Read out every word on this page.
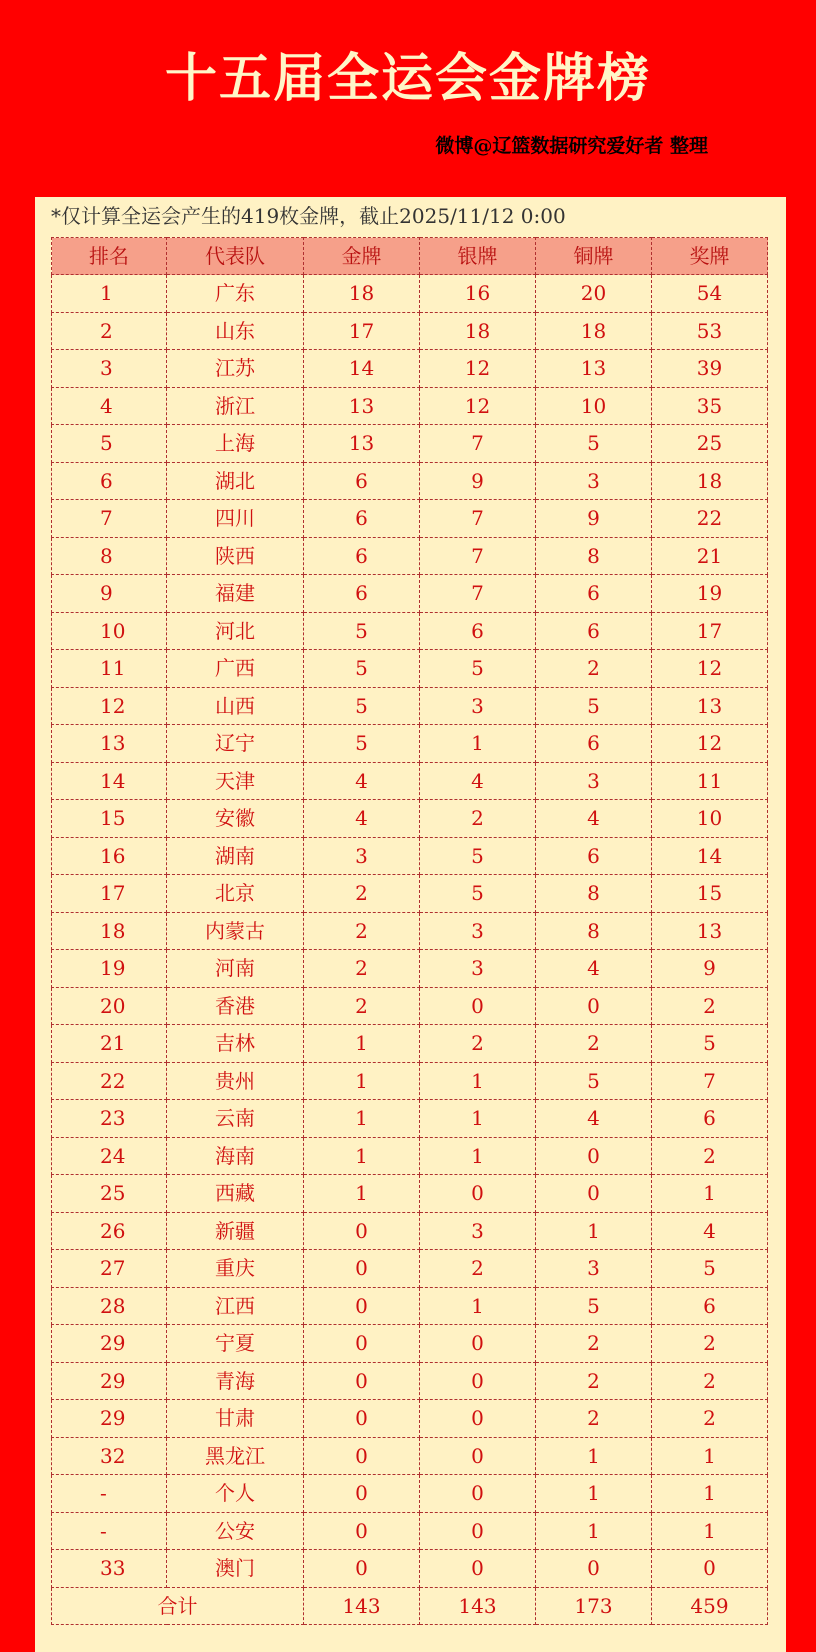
十五届全运会金牌榜
微博@辽篮数据研究爱好者 整理
*仅计算全运会产生的419枚金牌，截止2025/11/12 0:00
排名	代表队	金牌	银牌	铜牌	奖牌
1	广东	18	16	20	54
2	山东	17	18	18	53
3	江苏	14	12	13	39
4	浙江	13	12	10	35
5	上海	13	7	5	25
6	湖北	6	9	3	18
7	四川	6	7	9	22
8	陕西	6	7	8	21
9	福建	6	7	6	19
10	河北	5	6	6	17
11	广西	5	5	2	12
12	山西	5	3	5	13
13	辽宁	5	1	6	12
14	天津	4	4	3	11
15	安徽	4	2	4	10
16	湖南	3	5	6	14
17	北京	2	5	8	15
18	内蒙古	2	3	8	13
19	河南	2	3	4	9
20	香港	2	0	0	2
21	吉林	1	2	2	5
22	贵州	1	1	5	7
23	云南	1	1	4	6
24	海南	1	1	0	2
25	西藏	1	0	0	1
26	新疆	0	3	1	4
27	重庆	0	2	3	5
28	江西	0	1	5	6
29	宁夏	0	0	2	2
29	青海	0	0	2	2
29	甘肃	0	0	2	2
32	黑龙江	0	0	1	1
-	个人	0	0	1	1
-	公安	0	0	1	1
33	澳门	0	0	0	0
合计		143	143	173	459
